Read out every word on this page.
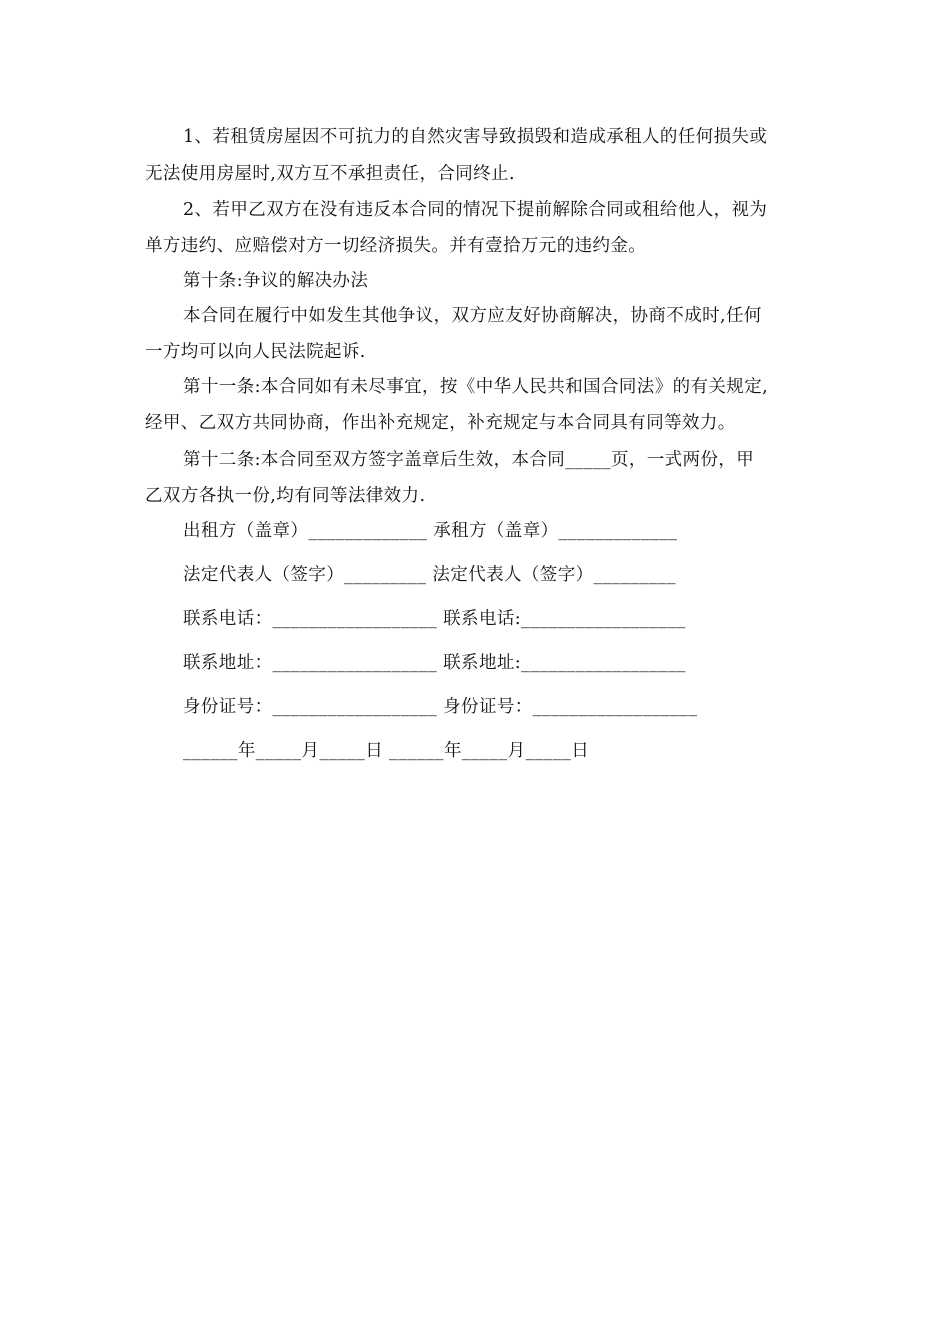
1、若租赁房屋因不可抗力的自然灾害导致损毁和造成承租人的任何损失或
无法使用房屋时,双方互不承担责任，合同终止.
2、若甲乙双方在没有违反本合同的情况下提前解除合同或租给他人，视为
单方违约、应赔偿对方一切经济损失。并有壹拾万元的违约金。
第十条:争议的解决办法
本合同在履行中如发生其他争议，双方应友好协商解决，协商不成时,任何
一方均可以向人民法院起诉.
第十一条:本合同如有未尽事宜，按《中华人民共和国合同法》的有关规定,
经甲、乙双方共同协商，作出补充规定，补充规定与本合同具有同等效力。
第十二条:本合同至双方签字盖章后生效，本合同_____页，一式两份，甲
乙双方各执一份,均有同等法律效力.
出租方（盖章）_____________ 承租方（盖章）_____________
法定代表人（签字）_________ 法定代表人（签字）_________
联系电话：__________________ 联系电话:__________________
联系地址：__________________ 联系地址:__________________
身份证号：__________________ 身份证号：__________________
______年_____月_____日 ______年_____月_____日
